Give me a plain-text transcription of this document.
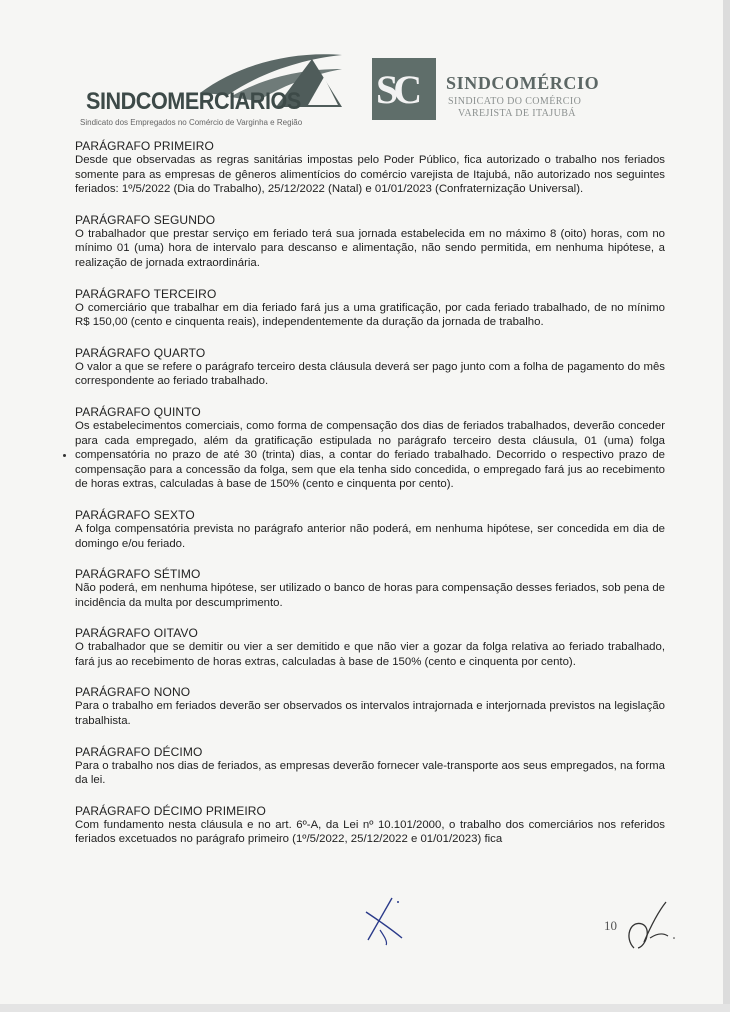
SINDCOMERCIARIOS
Sindicato dos Empregados no Comércio de Varginha e Região
SC SINDCOMÉRCIO
SINDICATO DO COMÉRCIO
VAREJISTA DE ITAJUBÁ
PARÁGRAFO PRIMEIRO

Desde que observadas as regras sanitárias impostas pelo Poder Público, fica autorizado o trabalho nos feriados somente para as empresas de gêneros alimentícios do comércio varejista de Itajubá, não autorizado nos seguintes feriados: 1º/5/2022 (Dia do Trabalho), 25/12/2022 (Natal) e 01/01/2023 (Confraternização Universal).

PARÁGRAFO SEGUNDO

O trabalhador que prestar serviço em feriado terá sua jornada estabelecida em no máximo 8 (oito) horas, com no mínimo 01 (uma) hora de intervalo para descanso e alimentação, não sendo permitida, em nenhuma hipótese, a realização de jornada extraordinária.

PARÁGRAFO TERCEIRO

O comerciário que trabalhar em dia feriado fará jus a uma gratificação, por cada feriado trabalhado, de no mínimo R$ 150,00 (cento e cinquenta reais), independentemente da duração da jornada de trabalho.

PARÁGRAFO QUARTO

O valor a que se refere o parágrafo terceiro desta cláusula deverá ser pago junto com a folha de pagamento do mês correspondente ao feriado trabalhado.

PARÁGRAFO QUINTO

Os estabelecimentos comerciais, como forma de compensação dos dias de feriados trabalhados, deverão conceder para cada empregado, além da gratificação estipulada no parágrafo terceiro desta cláusula, 01 (uma) folga compensatória no prazo de até 30 (trinta) dias, a contar do feriado trabalhado. Decorrido o respectivo prazo de compensação para a concessão da folga, sem que ela tenha sido concedida, o empregado fará jus ao recebimento de horas extras, calculadas à base de 150% (cento e cinquenta por cento).

PARÁGRAFO SEXTO

A folga compensatória prevista no parágrafo anterior não poderá, em nenhuma hipótese, ser concedida em dia de domingo e/ou feriado.

PARÁGRAFO SÉTIMO

Não poderá, em nenhuma hipótese, ser utilizado o banco de horas para compensação desses feriados, sob pena de incidência da multa por descumprimento.

PARÁGRAFO OITAVO

O trabalhador que se demitir ou vier a ser demitido e que não vier a gozar da folga relativa ao feriado trabalhado, fará jus ao recebimento de horas extras, calculadas à base de 150% (cento e cinquenta por cento).

PARÁGRAFO NONO

Para o trabalho em feriados deverão ser observados os intervalos intrajornada e interjornada previstos na legislação trabalhista.

PARÁGRAFO DÉCIMO

Para o trabalho nos dias de feriados, as empresas deverão fornecer vale-transporte aos seus empregados, na forma da lei.

PARÁGRAFO DÉCIMO PRIMEIRO

Com fundamento nesta cláusula e no art. 6º-A, da Lei nº 10.101/2000, o trabalho dos comerciários nos referidos feriados excetuados no parágrafo primeiro (1º/5/2022, 25/12/2022 e 01/01/2023) fica

10
